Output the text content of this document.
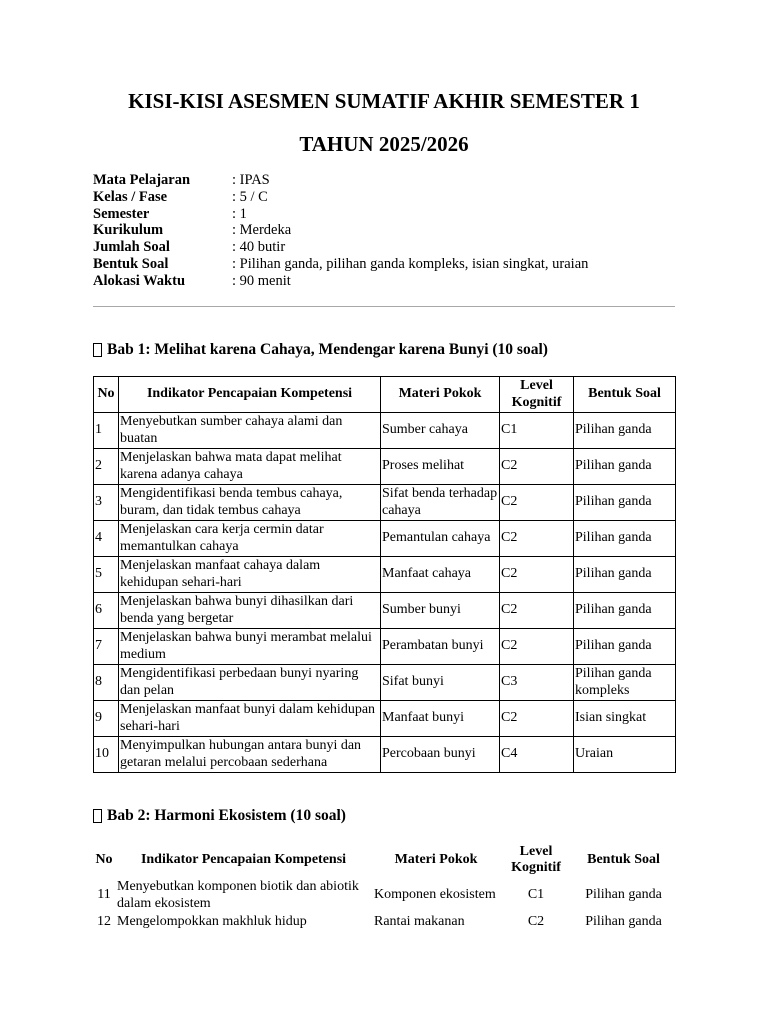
KISI-KISI ASESMEN SUMATIF AKHIR SEMESTER 1
TAHUN 2025/2026
Mata Pelajaran	: IPAS
Kelas / Fase	: 5 / C
Semester	: 1
Kurikulum	: Merdeka
Jumlah Soal	: 40 butir
Bentuk Soal	: Pilihan ganda, pilihan ganda kompleks, isian singkat, uraian
Alokasi Waktu	: 90 menit
Bab 1: Melihat karena Cahaya, Mendengar karena Bunyi (10 soal)
No	Indikator Pencapaian Kompetensi	Materi Pokok	Level Kognitif	Bentuk Soal
1	Menyebutkan sumber cahaya alami dan buatan	Sumber cahaya	C1	Pilihan ganda
2	Menjelaskan bahwa mata dapat melihat karena adanya cahaya	Proses melihat	C2	Pilihan ganda
3	Mengidentifikasi benda tembus cahaya, buram, dan tidak tembus cahaya	Sifat benda terhadap cahaya	C2	Pilihan ganda
4	Menjelaskan cara kerja cermin datar memantulkan cahaya	Pemantulan cahaya	C2	Pilihan ganda
5	Menjelaskan manfaat cahaya dalam kehidupan sehari-hari	Manfaat cahaya	C2	Pilihan ganda
6	Menjelaskan bahwa bunyi dihasilkan dari benda yang bergetar	Sumber bunyi	C2	Pilihan ganda
7	Menjelaskan bahwa bunyi merambat melalui medium	Perambatan bunyi	C2	Pilihan ganda
8	Mengidentifikasi perbedaan bunyi nyaring dan pelan	Sifat bunyi	C3	Pilihan ganda kompleks
9	Menjelaskan manfaat bunyi dalam kehidupan sehari-hari	Manfaat bunyi	C2	Isian singkat
10	Menyimpulkan hubungan antara bunyi dan getaran melalui percobaan sederhana	Percobaan bunyi	C4	Uraian
Bab 2: Harmoni Ekosistem (10 soal)
No	Indikator Pencapaian Kompetensi	Materi Pokok	Level Kognitif	Bentuk Soal
11	Menyebutkan komponen biotik dan abiotik dalam ekosistem	Komponen ekosistem	C1	Pilihan ganda
12	Mengelompokkan makhluk hidup	Rantai makanan	C2	Pilihan ganda
